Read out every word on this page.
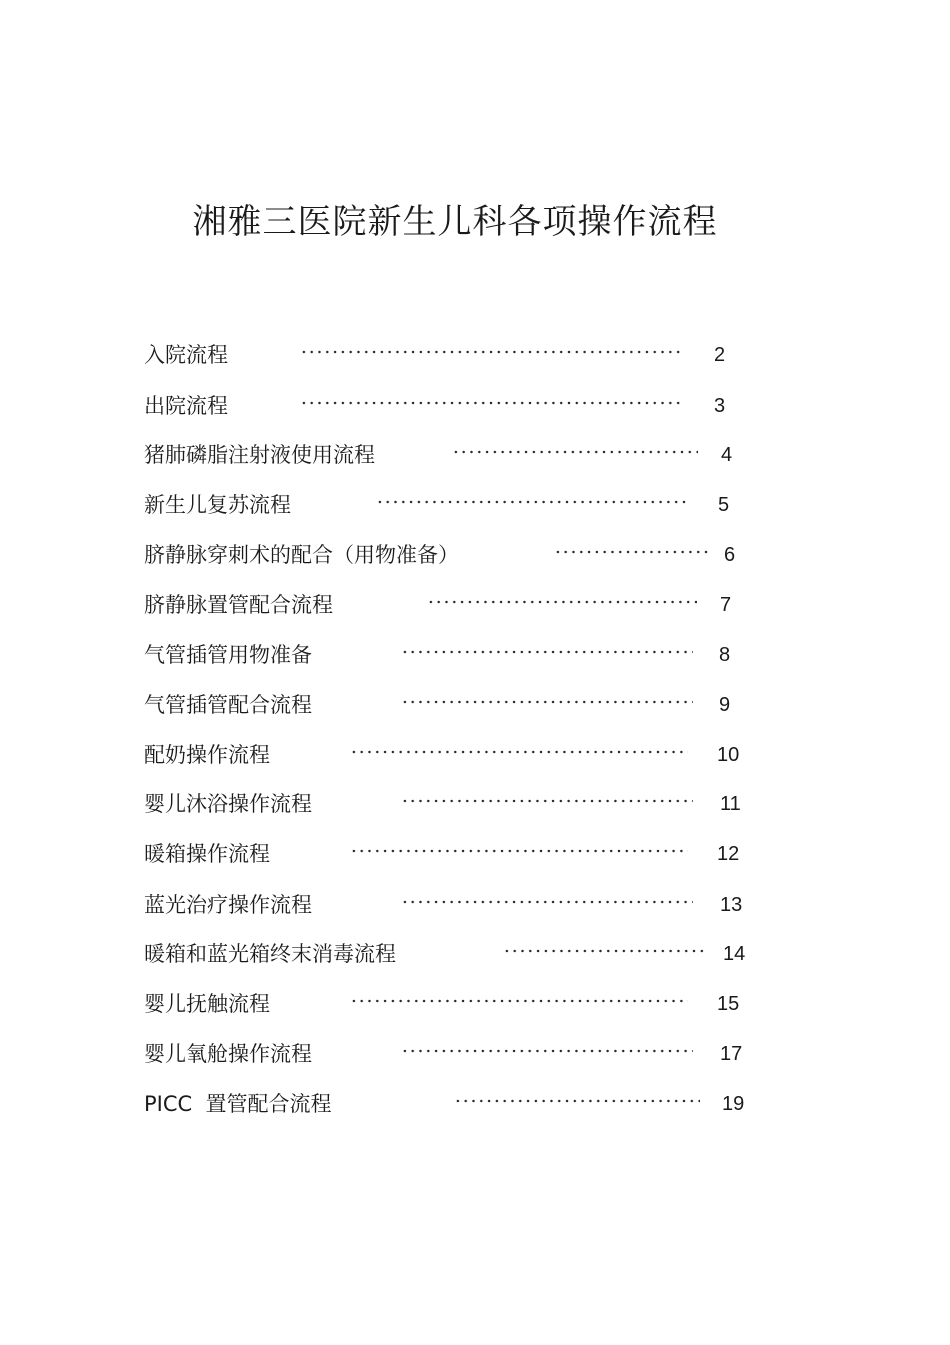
湘雅三医院新生儿科各项操作流程
入院流程	2
出院流程	3
猪肺磷脂注射液使用流程	4
新生儿复苏流程	5
脐静脉穿刺术的配合（用物准备）	6
脐静脉置管配合流程	7
气管插管用物准备	8
气管插管配合流程	9
配奶操作流程	10
婴儿沐浴操作流程	11
暖箱操作流程	12
蓝光治疗操作流程	13
暖箱和蓝光箱终末消毒流程	14
婴儿抚触流程	15
婴儿氧舱操作流程	17
PICC  置管配合流程	19
